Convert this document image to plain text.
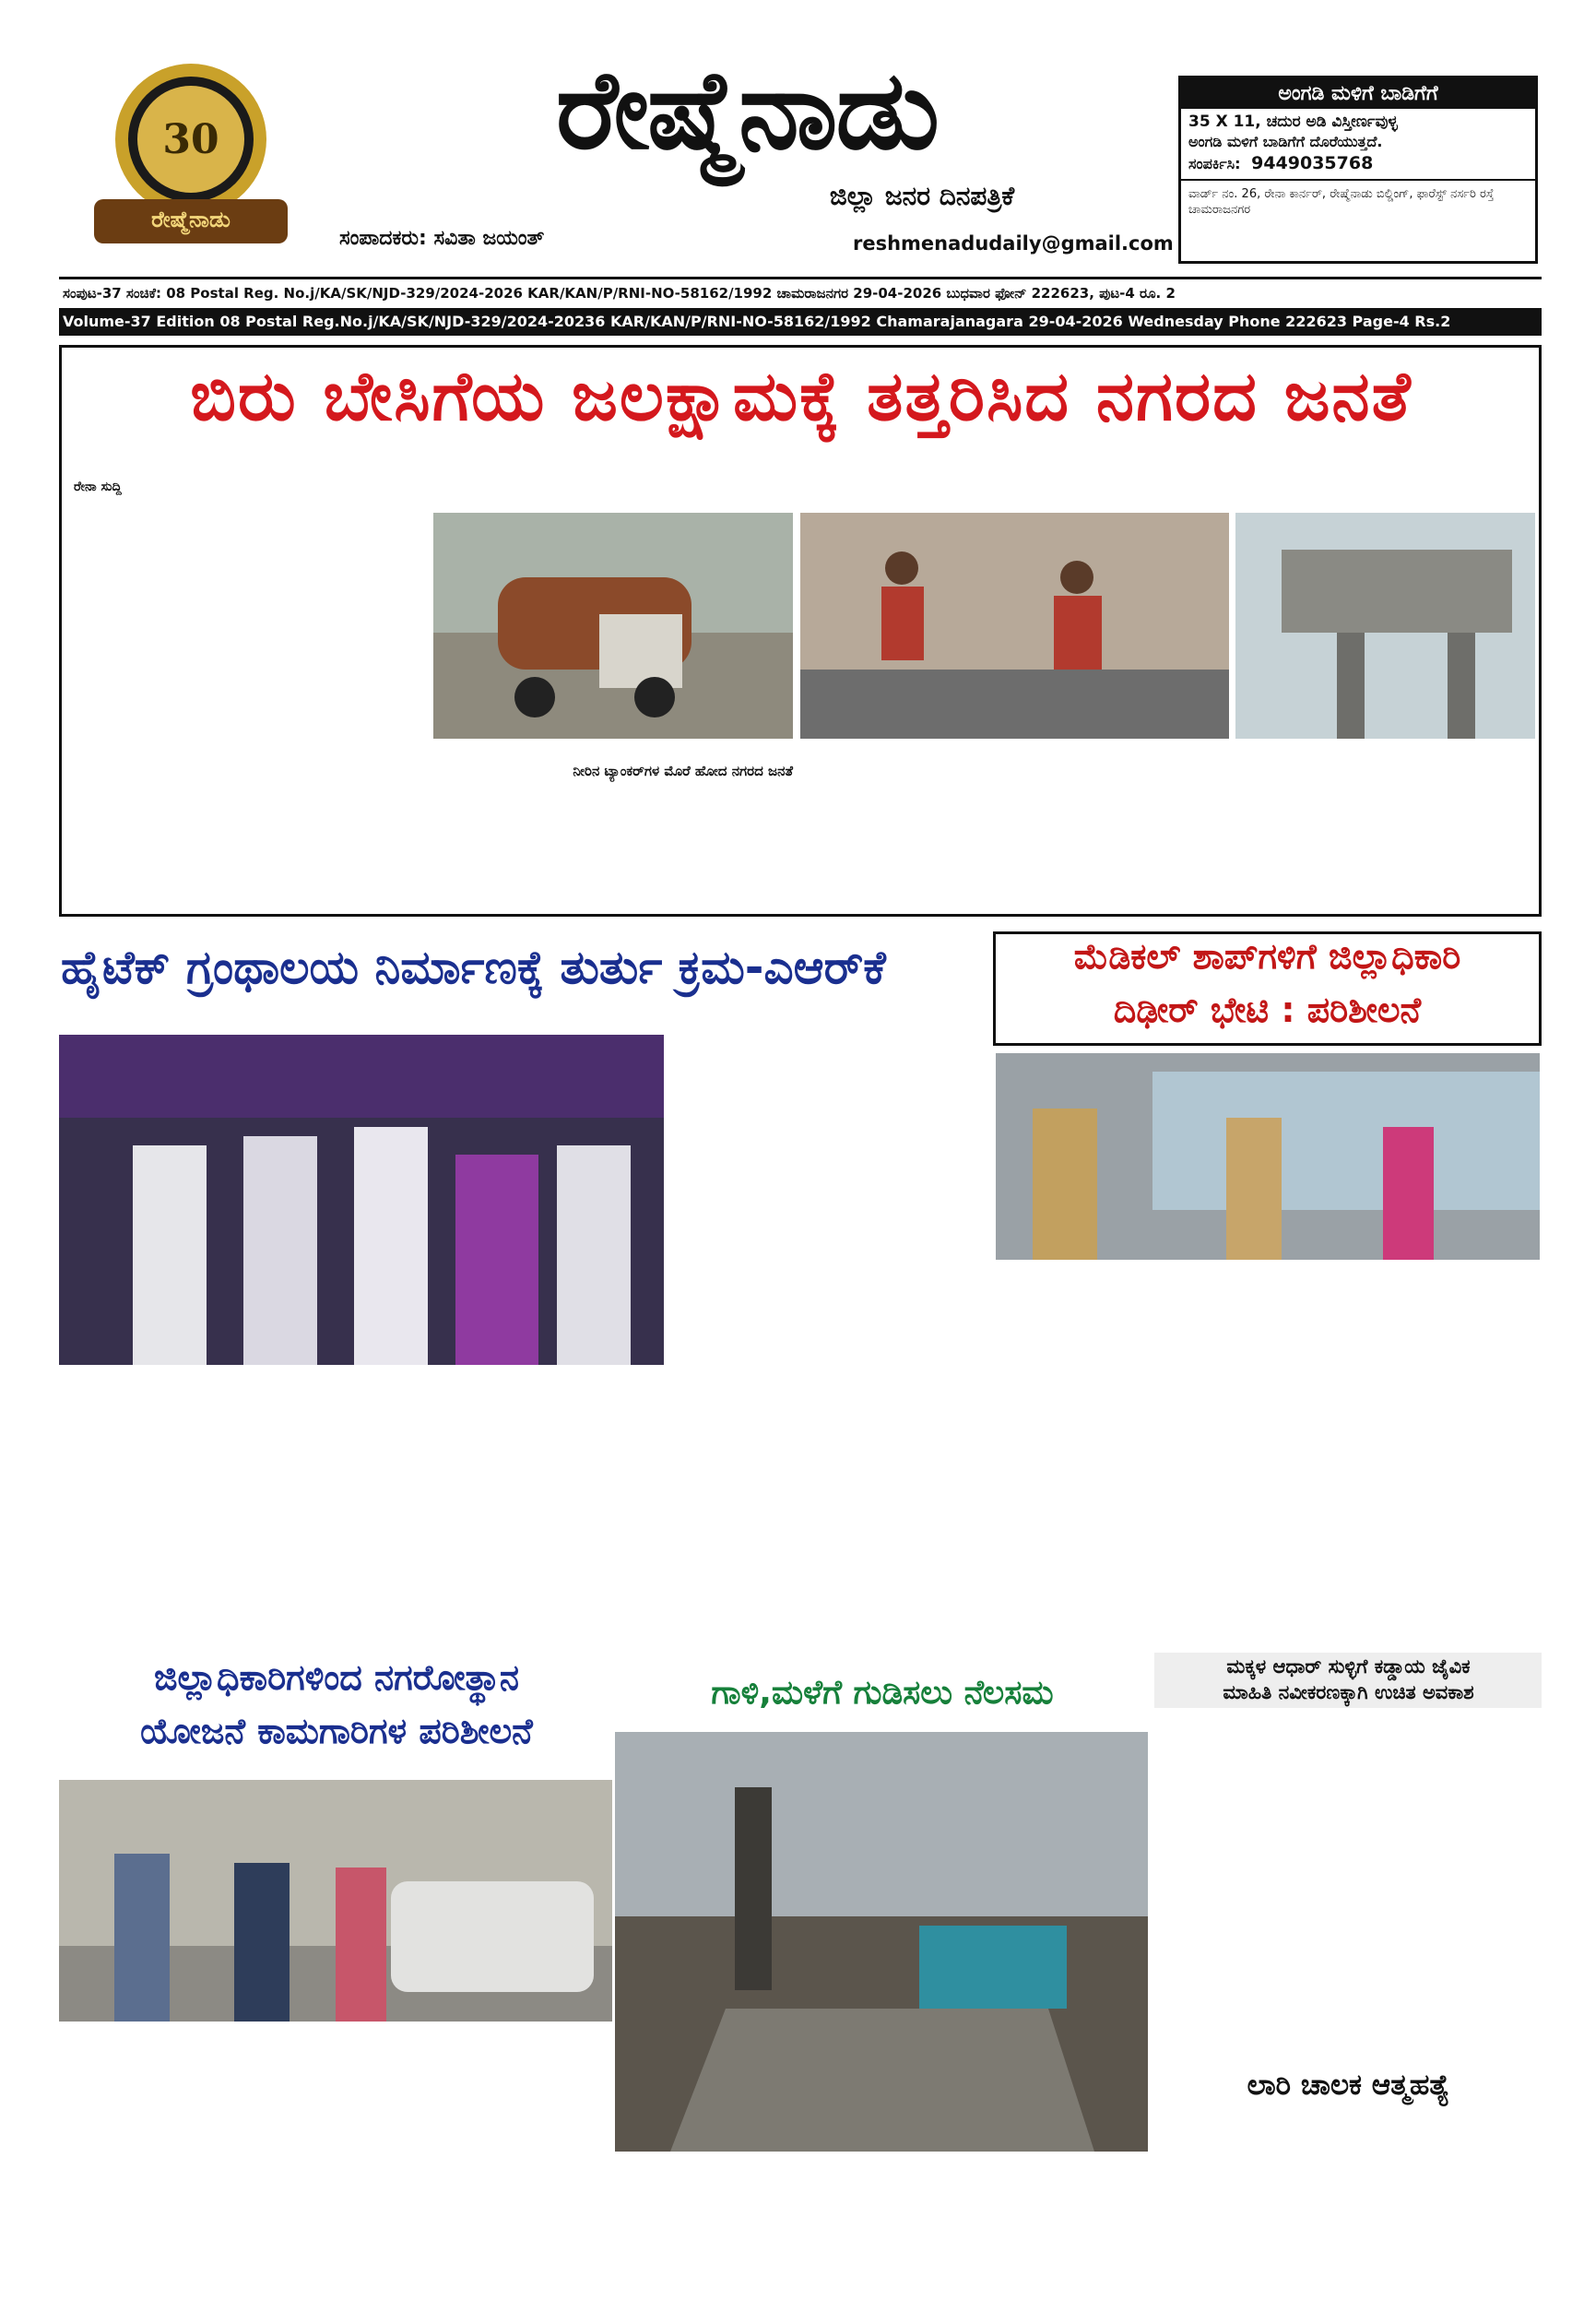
30
ರೇಷ್ಮೆನಾಡು
ರೇಷ್ಮೆನಾಡು
ಜಿಲ್ಲಾ ಜನರ ದಿನಪತ್ರಿಕೆ
ಸಂಪಾದಕರು: ಸವಿತಾ ಜಯಂತ್	reshmenadudaily@gmail.com
ಅಂಗಡಿ ಮಳಿಗೆ ಬಾಡಿಗೆಗೆ
35 X 11, ಚದುರ ಅಡಿ ವಿಸ್ತೀರ್ಣವುಳ್ಳ
ಅಂಗಡಿ ಮಳಿಗೆ ಬಾಡಿಗೆಗೆ ದೊರೆಯುತ್ತದೆ.
ಸಂಪರ್ಕಿಸಿ: 9449035768
ವಾರ್ಡ್ ನಂ. 26, ರೇನಾ ಕಾರ್ನರ್, ರೇಷ್ಮೆನಾಡು ಬಿಲ್ಡಿಂಗ್, ಫಾರೆಸ್ಟ್ ನರ್ಸರಿ ರಸ್ತೆ ಚಾಮರಾಜನಗರ
ಸಂಪುಟ-37 ಸಂಚಿಕೆ: 08 Postal Reg. No.j/KA/SK/NJD-329/2024-2026 KAR/KAN/P/RNI-NO-58162/1992 ಚಾಮರಾಜನಗರ 29-04-2026 ಬುಧವಾರ ಫೋನ್ 222623, ಪುಟ-4 ರೂ. 2
Volume-37 Edition 08 Postal Reg.No.j/KA/SK/NJD-329/2024-20236 KAR/KAN/P/RNI-NO-58162/1992 Chamarajanagara 29-04-2026 Wednesday Phone 222623 Page-4 Rs.2
ಬಿರು ಬೇಸಿಗೆಯ ಜಲಕ್ಷಾಮಕ್ಕೆ ತತ್ತರಿಸಿದ ನಗರದ ಜನತೆ
ರೇನಾ ಸುದ್ದಿ
ನೀರಿನ ಟ್ಯಾಂಕರ್‌ಗಳ ಮೊರೆ ಹೋದ ನಗರದ ಜನತೆ
ಹೈಟೆಕ್ ಗ್ರಂಥಾಲಯ ನಿರ್ಮಾಣಕ್ಕೆ ತುರ್ತು ಕ್ರಮ-ಎಆರ್‌ಕೆ	ಮೆಡಿಕಲ್ ಶಾಪ್‌ಗಳಿಗೆ ಜಿಲ್ಲಾಧಿಕಾರಿ
ದಿಢೀರ್ ಭೇಟಿ : ಪರಿಶೀಲನೆ
ಜಿಲ್ಲಾಧಿಕಾರಿಗಳಿಂದ ನಗರೋತ್ಥಾನ
ಯೋಜನೆ ಕಾಮಗಾರಿಗಳ ಪರಿಶೀಲನೆ
ಗಾಳಿ,ಮಳೆಗೆ ಗುಡಿಸಲು ನೆಲಸಮ
ಮಕ್ಕಳ ಆಧಾರ್ ಸುಳ್ಳಿಗೆ ಕಡ್ಡಾಯ ಜೈವಿಕ
ಮಾಹಿತಿ ನವೀಕರಣಕ್ಕಾಗಿ ಉಚಿತ ಅವಕಾಶ
ಲಾರಿ ಚಾಲಕ ಆತ್ಮಹತ್ಯೆ
